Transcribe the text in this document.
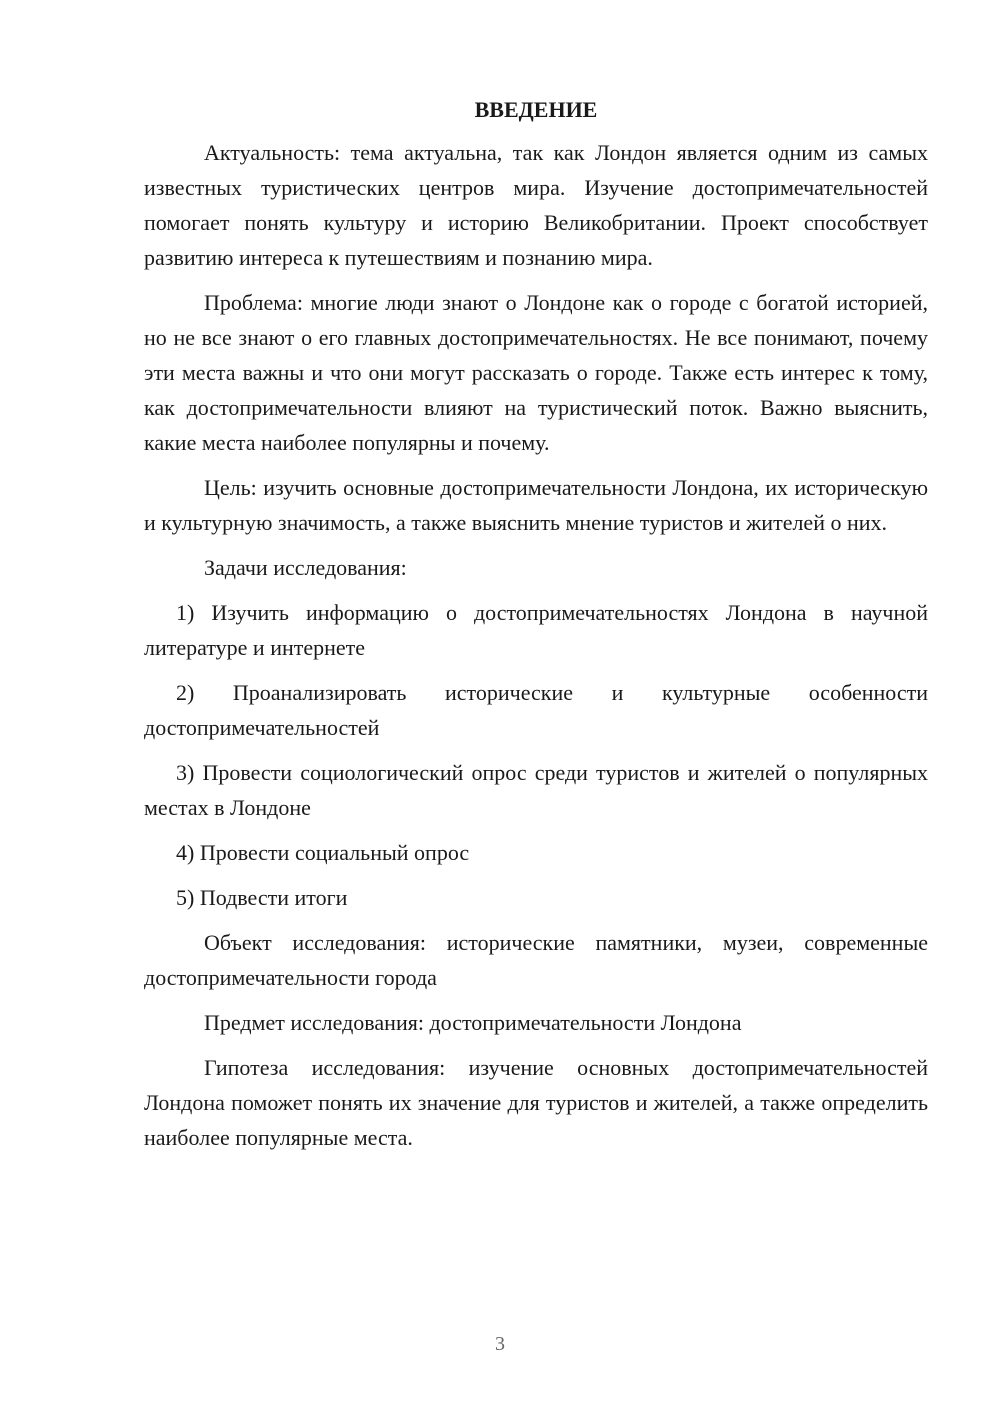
ВВЕДЕНИЕ

Актуальность: тема актуальна, так как Лондон является одним из самых известных туристических центров мира. Изучение достопримечательностей помогает понять культуру и историю Великобритании. Проект способствует развитию интереса к путешествиям и познанию мира.

Проблема: многие люди знают о Лондоне как о городе с богатой историей, но не все знают о его главных достопримечательностях. Не все понимают, почему эти места важны и что они могут рассказать о городе. Также есть интерес к тому, как достопримечательности влияют на туристический поток. Важно выяснить, какие места наиболее популярны и почему.

Цель: изучить основные достопримечательности Лондона, их историческую и культурную значимость, а также выяснить мнение туристов и жителей о них.

Задачи исследования:

1) Изучить информацию о достопримечательностях Лондона в научной литературе и интернете

2) Проанализировать исторические и культурные особенности достопримечательностей

3) Провести социологический опрос среди туристов и жителей о популярных местах в Лондоне

4) Провести социальный опрос

5) Подвести итоги

Объект исследования: исторические памятники, музеи, современные достопримечательности города

Предмет исследования: достопримечательности Лондона

Гипотеза исследования: изучение основных достопримечательностей Лондона поможет понять их значение для туристов и жителей, а также определить наиболее популярные места.

3
